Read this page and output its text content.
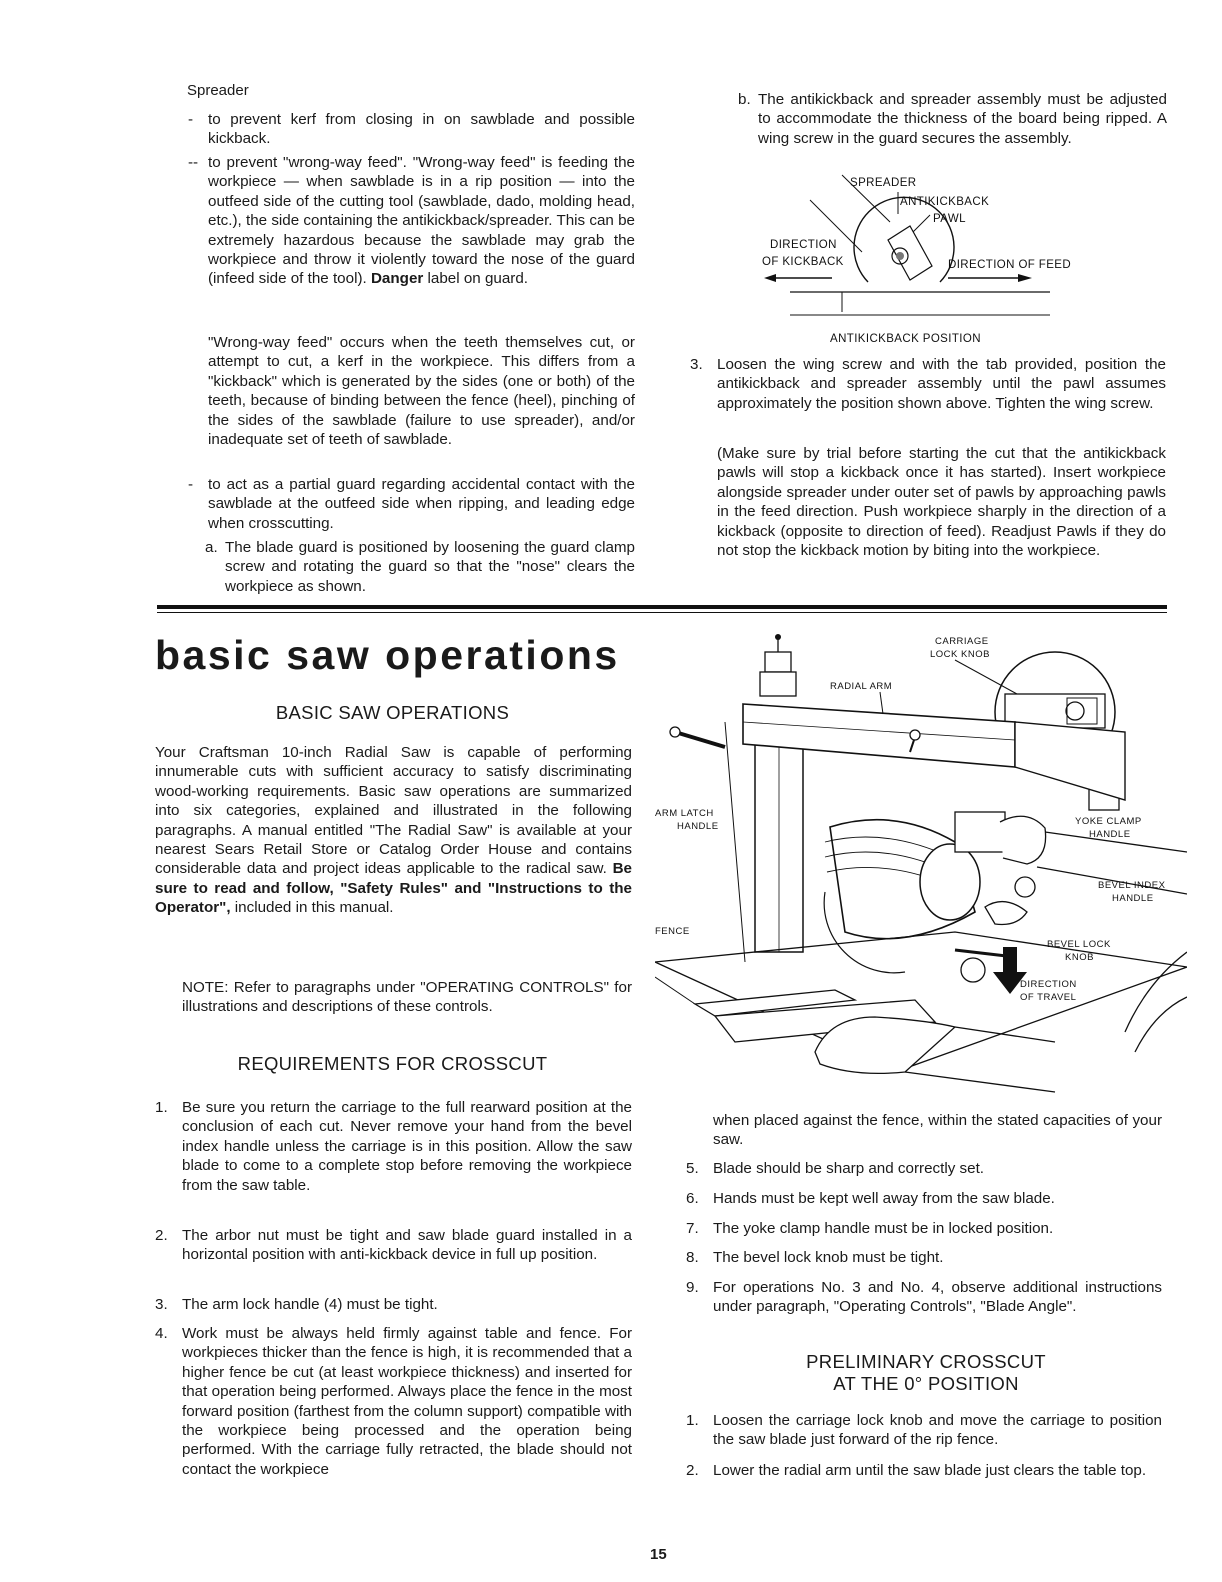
Spreader
- to prevent kerf from closing in on sawblade and possible kickback.
-- to prevent "wrong-way feed". "Wrong-way feed" is feeding the workpiece — when sawblade is in a rip position — into the outfeed side of the cutting tool (sawblade, dado, molding head, etc.), the side containing the antikickback/spreader. This can be extremely hazardous because the sawblade may grab the workpiece and throw it violently toward the nose of the guard (infeed side of the tool). Danger label on guard.
"Wrong-way feed" occurs when the teeth themselves cut, or attempt to cut, a kerf in the workpiece. This differs from a "kickback" which is generated by the sides (one or both) of the teeth, because of binding between the fence (heel), pinching of the sides of the sawblade (failure to use spreader), and/or inadequate set of teeth of sawblade.
- to act as a partial guard regarding accidental contact with the sawblade at the outfeed side when ripping, and leading edge when crosscutting.
a. The blade guard is positioned by loosening the guard clamp screw and rotating the guard so that the "nose" clears the workpiece as shown.
b. The antikickback and spreader assembly must be adjusted to accommodate the thickness of the board being ripped. A wing screw in the guard secures the assembly.
SPREADER
ANTIKICKBACK
PAWL
DIRECTION
OF KICKBACK	DIRECTION OF FEED
ANTIKICKBACK POSITION
3. Loosen the wing screw and with the tab provided, position the antikickback and spreader assembly until the pawl assumes approximately the position shown above. Tighten the wing screw.
(Make sure by trial before starting the cut that the antikickback pawls will stop a kickback once it has started). Insert workpiece alongside spreader under outer set of pawls by approaching pawls in the feed direction. Push workpiece sharply in the direction of a kickback (opposite to direction of feed). Readjust Pawls if they do not stop the kickback motion by biting into the workpiece.
basic saw operations
BASIC SAW OPERATIONS
Your Craftsman 10-inch Radial Saw is capable of performing innumerable cuts with sufficient accuracy to satisfy discriminating wood-working requirements. Basic saw operations are summarized into six categories, explained and illustrated in the following paragraphs. A manual entitled "The Radial Saw" is available at your nearest Sears Retail Store or Catalog Order House and contains considerable data and project ideas applicable to the radical saw. Be sure to read and follow, "Safety Rules" and "Instructions to the Operator", included in this manual.
NOTE: Refer to paragraphs under "OPERATING CONTROLS" for illustrations and descriptions of these controls.
REQUIREMENTS FOR CROSSCUT
1. Be sure you return the carriage to the full rearward position at the conclusion of each cut. Never remove your hand from the bevel index handle unless the carriage is in this position. Allow the saw blade to come to a complete stop before removing the workpiece from the saw table.
2. The arbor nut must be tight and saw blade guard installed in a horizontal position with anti-kickback device in full up position.
3. The arm lock handle (4) must be tight.
4. Work must be always held firmly against table and fence. For workpieces thicker than the fence is high, it is recommended that a higher fence be cut (at least workpiece thickness) and inserted for that operation being performed. Always place the fence in the most forward position (farthest from the column support) compatible with the workpiece being processed and the operation being performed. With the carriage fully retracted, the blade should not contact the workpiece
CARRIAGE
LOCK KNOB
RADIAL ARM
ARM LATCH
HANDLE	YOKE CLAMP
HANDLE
BEVEL INDEX
HANDLE
FENCE
BEVEL LOCK
KNOB
DIRECTION
OF TRAVEL
when placed against the fence, within the stated capacities of your saw.
5. Blade should be sharp and correctly set.
6. Hands must be kept well away from the saw blade.
7. The yoke clamp handle must be in locked position.
8. The bevel lock knob must be tight.
9. For operations No. 3 and No. 4, observe additional instructions under paragraph, "Operating Controls", "Blade Angle".
PRELIMINARY CROSSCUT
AT THE 0° POSITION
1. Loosen the carriage lock knob and move the carriage to position the saw blade just forward of the rip fence.
2. Lower the radial arm until the saw blade just clears the table top.
15
